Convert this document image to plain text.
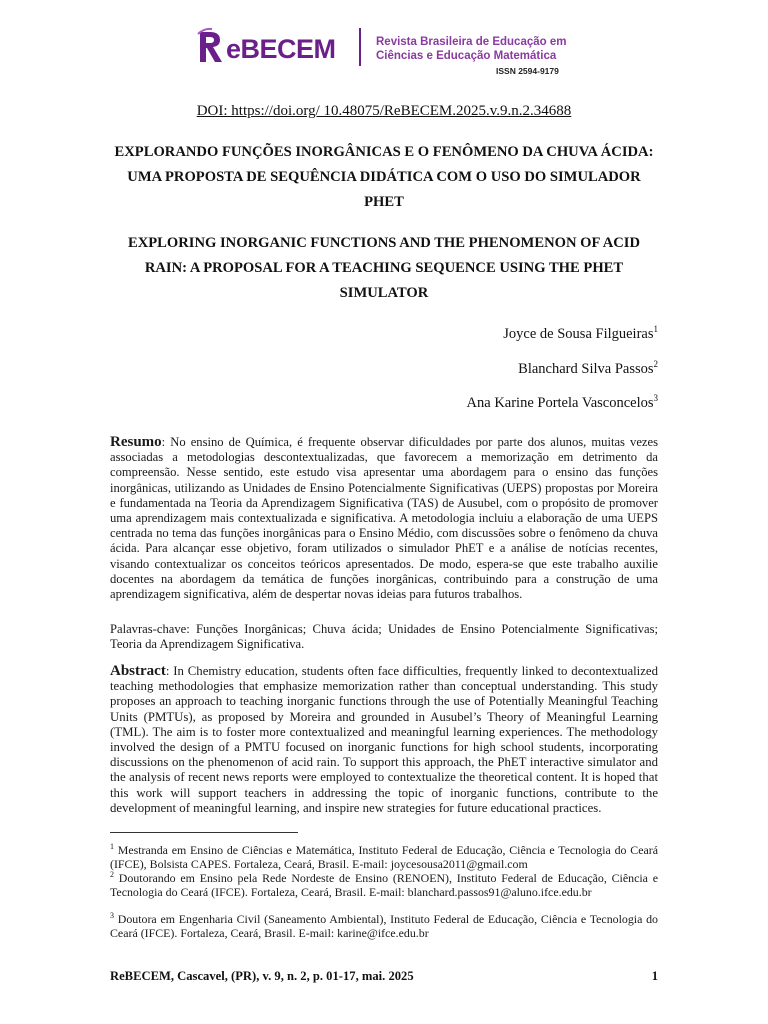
eBECEM	Revista Brasileira de Educação em Ciências e Educação Matemática
ISSN 2594-9179
DOI: https://doi.org/ 10.48075/ReBECEM.2025.v.9.n.2.34688
EXPLORANDO FUNÇÕES INORGÂNICAS E O FENÔMENO DA CHUVA ÁCIDA: UMA PROPOSTA DE SEQUÊNCIA DIDÁTICA COM O USO DO SIMULADOR PHET
EXPLORING INORGANIC FUNCTIONS AND THE PHENOMENON OF ACID RAIN: A PROPOSAL FOR A TEACHING SEQUENCE USING THE PHET SIMULATOR
Joyce de Sousa Filgueiras$^1$
Blanchard Silva Passos$^2$
Ana Karine Portela Vasconcelos$^3$
Resumo: No ensino de Química, é frequente observar dificuldades por parte dos alunos, muitas vezes associadas a metodologias descontextualizadas, que favorecem a memorização em detrimento da compreensão. Nesse sentido, este estudo visa apresentar uma abordagem para o ensino das funções inorgânicas, utilizando as Unidades de Ensino Potencialmente Significativas (UEPS) propostas por Moreira e fundamentada na Teoria da Aprendizagem Significativa (TAS) de Ausubel, com o propósito de promover uma aprendizagem mais contextualizada e significativa. A metodologia incluiu a elaboração de uma UEPS centrada no tema das funções inorgânicas para o Ensino Médio, com discussões sobre o fenômeno da chuva ácida. Para alcançar esse objetivo, foram utilizados o simulador PhET e a análise de notícias recentes, visando contextualizar os conceitos teóricos apresentados. De modo, espera-se que este trabalho auxilie docentes na abordagem da temática de funções inorgânicas, contribuindo para a construção de uma aprendizagem significativa, além de despertar novas ideias para futuros trabalhos.
Palavras-chave: Funções Inorgânicas; Chuva ácida; Unidades de Ensino Potencialmente Significativas; Teoria da Aprendizagem Significativa.
Abstract: In Chemistry education, students often face difficulties, frequently linked to decontextualized teaching methodologies that emphasize memorization rather than conceptual understanding. This study proposes an approach to teaching inorganic functions through the use of Potentially Meaningful Teaching Units (PMTUs), as proposed by Moreira and grounded in Ausubel’s Theory of Meaningful Learning (TML). The aim is to foster more contextualized and meaningful learning experiences. The methodology involved the design of a PMTU focused on inorganic functions for high school students, incorporating discussions on the phenomenon of acid rain. To support this approach, the PhET interactive simulator and the analysis of recent news reports were employed to contextualize the theoretical content. It is hoped that this work will support teachers in addressing the topic of inorganic functions, contribute to the development of meaningful learning, and inspire new strategies for future educational practices.
$^1$ Mestranda em Ensino de Ciências e Matemática, Instituto Federal de Educação, Ciência e Tecnologia do Ceará (IFCE), Bolsista CAPES. Fortaleza, Ceará, Brasil. E-mail: joycesousa2011@gmail.com
$^2$ Doutorando em Ensino pela Rede Nordeste de Ensino (RENOEN), Instituto Federal de Educação, Ciência e Tecnologia do Ceará (IFCE). Fortaleza, Ceará, Brasil. E-mail: blanchard.passos91@aluno.ifce.edu.br
$^3$ Doutora em Engenharia Civil (Saneamento Ambiental), Instituto Federal de Educação, Ciência e Tecnologia do Ceará (IFCE). Fortaleza, Ceará, Brasil. E-mail: karine@ifce.edu.br
ReBECEM, Cascavel, (PR), v. 9, n. 2, p. 01-17, mai. 2025	1
